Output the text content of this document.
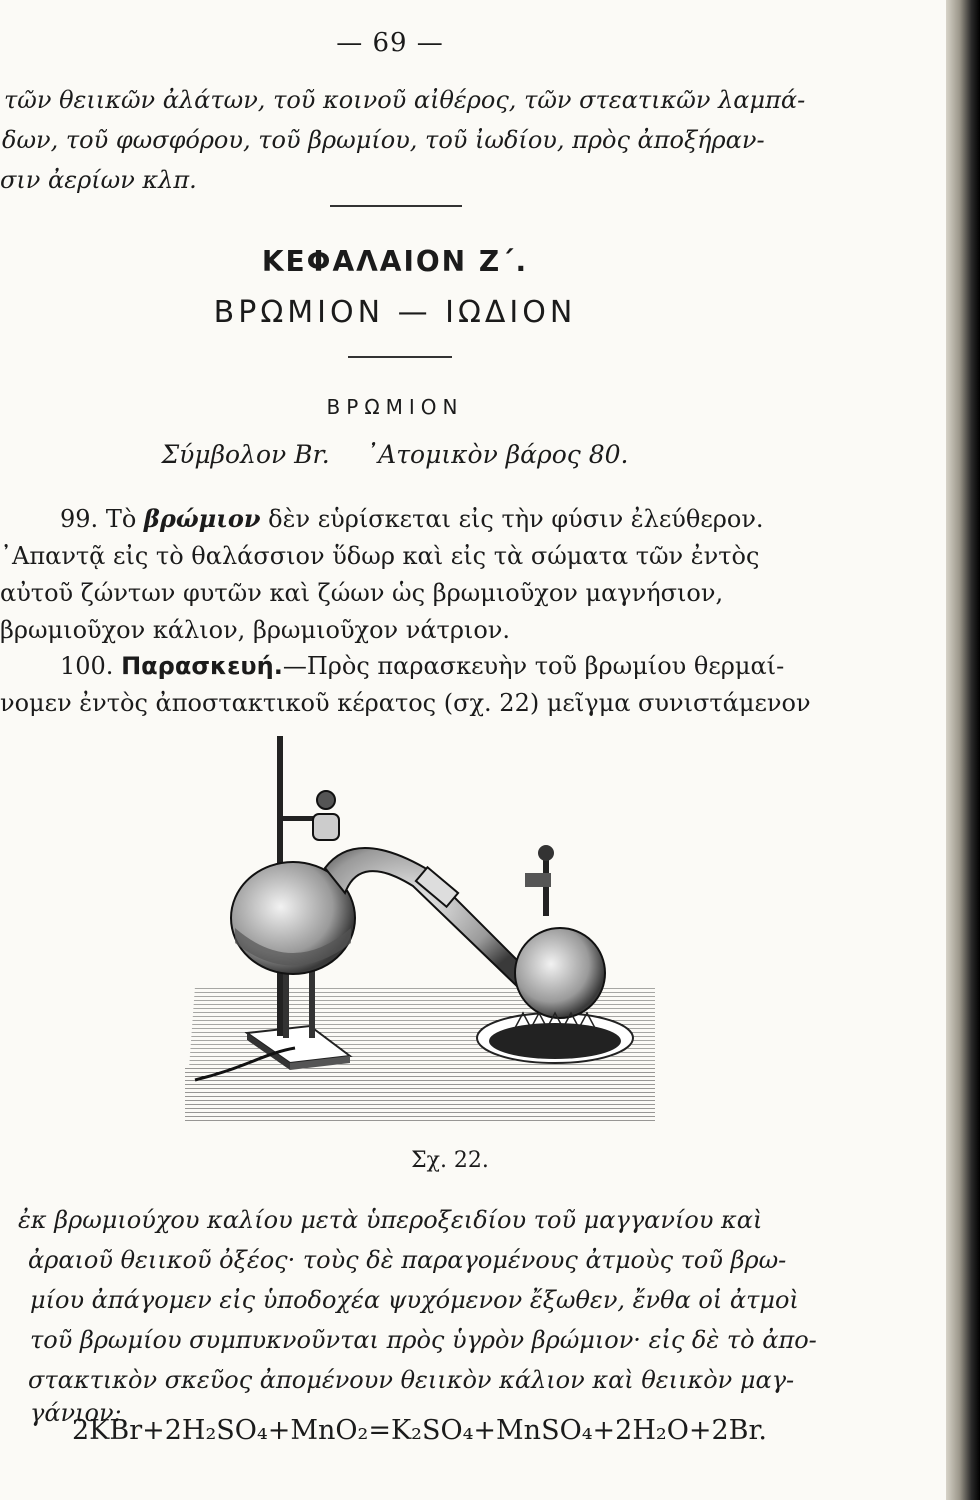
— 69 —
τῶν θειικῶν ἀλάτων, τοῦ κοινοῦ αἰθέρος, τῶν στεατικῶν λαμπά-
δων, τοῦ φωσφόρου, τοῦ βρωμίου, τοῦ ἰωδίου, πρὸς ἀποξήραν-
σιν ἀερίων κλπ.
ΚΕΦΑΛΑΙΟΝ Ζ΄.
ΒΡΩΜΙΟΝ — ΙΩΔΙΟΝ
ΒΡΩΜΙΟΝ
Σύμβολον Br. ᾿Ατομικὸν βάρος 80.
99. Τὸ βρώμιον δὲν εὑρίσκεται εἰς τὴν φύσιν ἐλεύθερον.
᾿Απαντᾷ εἰς τὸ θαλάσσιον ὕδωρ καὶ εἰς τὰ σώματα τῶν ἐντὸς
αὐτοῦ ζώντων φυτῶν καὶ ζώων ὡς βρωμιοῦχον μαγνήσιον,
βρωμιοῦχον κάλιον, βρωμιοῦχον νάτριον.
100. Παρασκευή.—Πρὸς παρασκευὴν τοῦ βρωμίου θερμαί-
νομεν ἐντὸς ἀποστακτικοῦ κέρατος (σχ. 22) μεῖγμα συνιστάμενον
Σχ. 22.
ἐκ βρωμιούχου καλίου μετὰ ὑπεροξειδίου τοῦ μαγγανίου καὶ
ἀραιοῦ θειικοῦ ὀξέος· τοὺς δὲ παραγομένους ἀτμοὺς τοῦ βρω-
μίου ἀπάγομεν εἰς ὑποδοχέα ψυχόμενον ἔξωθεν, ἔνθα οἱ ἀτμοὶ
τοῦ βρωμίου συμπυκνοῦνται πρὸς ὑγρὸν βρώμιον· εἰς δὲ τὸ ἀπο-
στακτικὸν σκεῦος ἀπομένουν θειικὸν κάλιον καὶ θειικὸν μαγ-
γάνιον:
2KBr+2H₂SO₄+MnO₂=K₂SO₄+MnSO₄+2H₂O+2Br.
